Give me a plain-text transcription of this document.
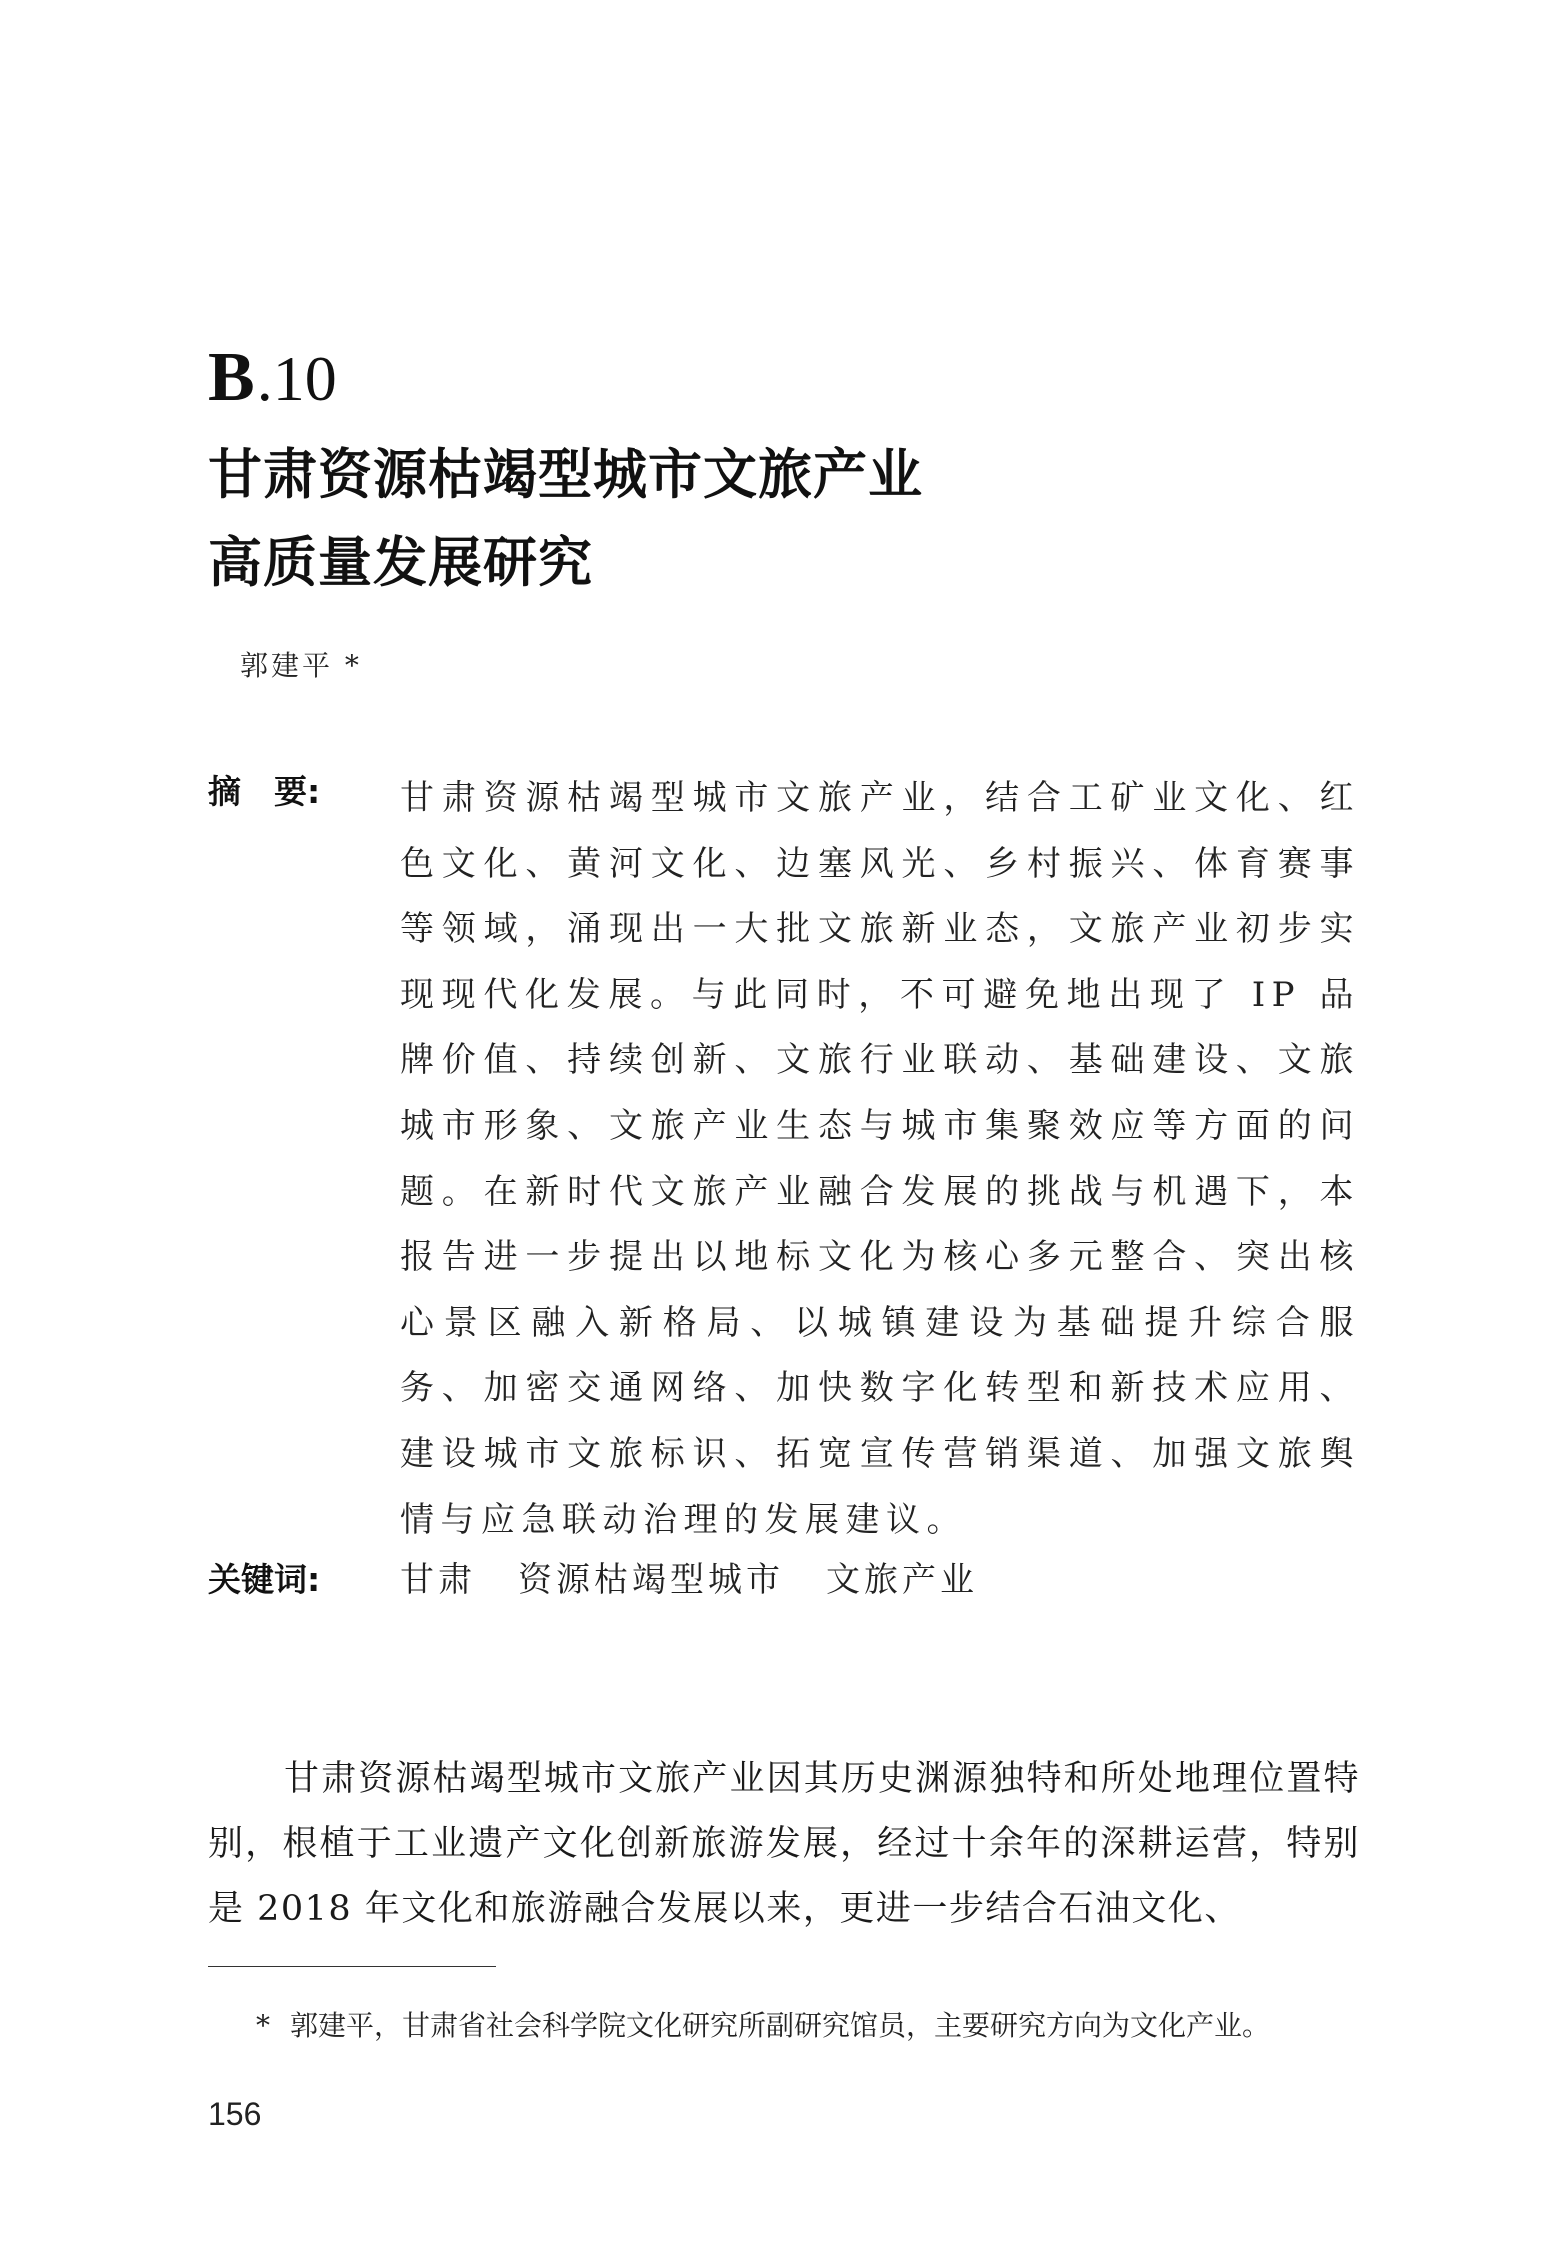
B.10
甘肃资源枯竭型城市文旅产业
高质量发展研究
郭建平 *
摘　要: 甘肃资源枯竭型城市文旅产业，结合工矿业文化、红色文化、黄河文化、边塞风光、乡村振兴、体育赛事等领域，涌现出一大批文旅新业态，文旅产业初步实现现代化发展。与此同时，不可避免地出现了 IP 品牌价值、持续创新、文旅行业联动、基础建设、文旅城市形象、文旅产业生态与城市集聚效应等方面的问题。在新时代文旅产业融合发展的挑战与机遇下，本报告进一步提出以地标文化为核心多元整合、突出核心景区融入新格局、以城镇建设为基础提升综合服务、加密交通网络、加快数字化转型和新技术应用、建设城市文旅标识、拓宽宣传营销渠道、加强文旅舆情与应急联动治理的发展建议。

关键词: 甘肃 资源枯竭型城市 文旅产业

甘肃资源枯竭型城市文旅产业因其历史渊源独特和所处地理位置特别，根植于工业遗产文化创新旅游发展，经过十余年的深耕运营，特别是 2018 年文化和旅游融合发展以来，更进一步结合石油文化、

* 郭建平，甘肃省社会科学院文化研究所副研究馆员，主要研究方向为文化产业。
156
